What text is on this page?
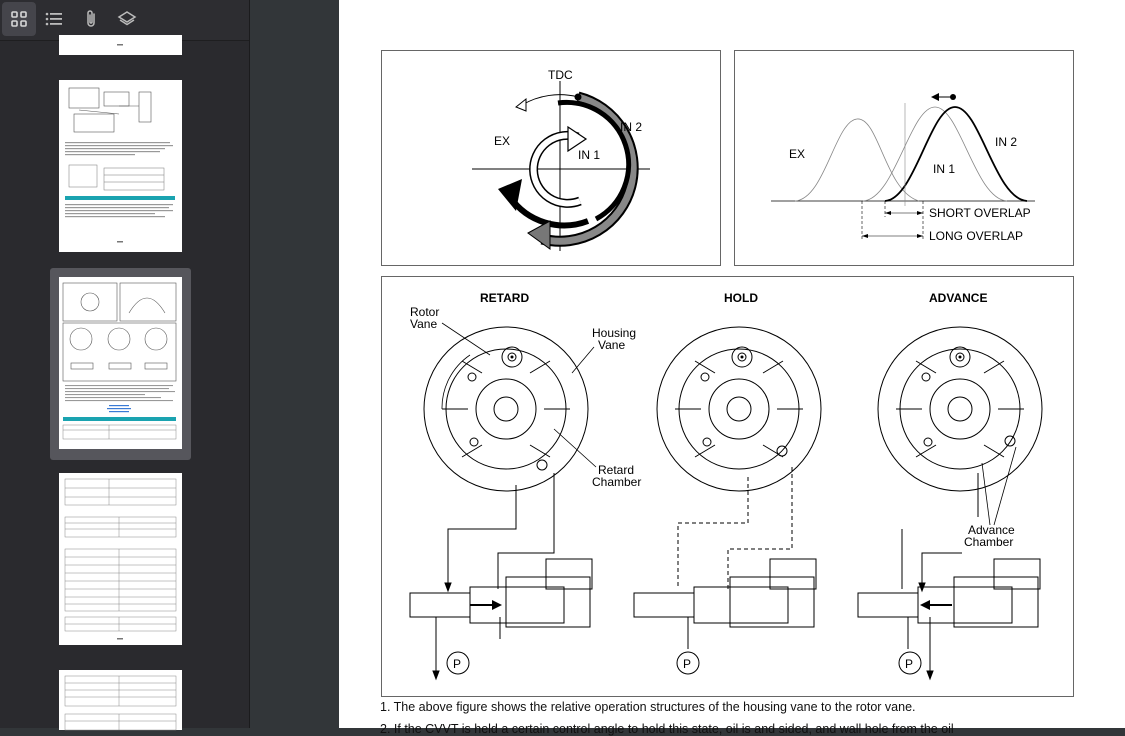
TDC
EX
IN 1
IN 2
EX
IN 1
IN 2
SHORT OVERLAP
LONG OVERLAP
RETARD	HOLD	ADVANCE
Rotor
Vane
Housing
Vane
Retard
Chamber
Advance
Chamber
P	P	P
1. The above figure shows the relative operation structures of the housing vane to the rotor vane.
2. If the CVVT is held a certain control angle to hold this state, oil is and sided, and wall hole from the oil
